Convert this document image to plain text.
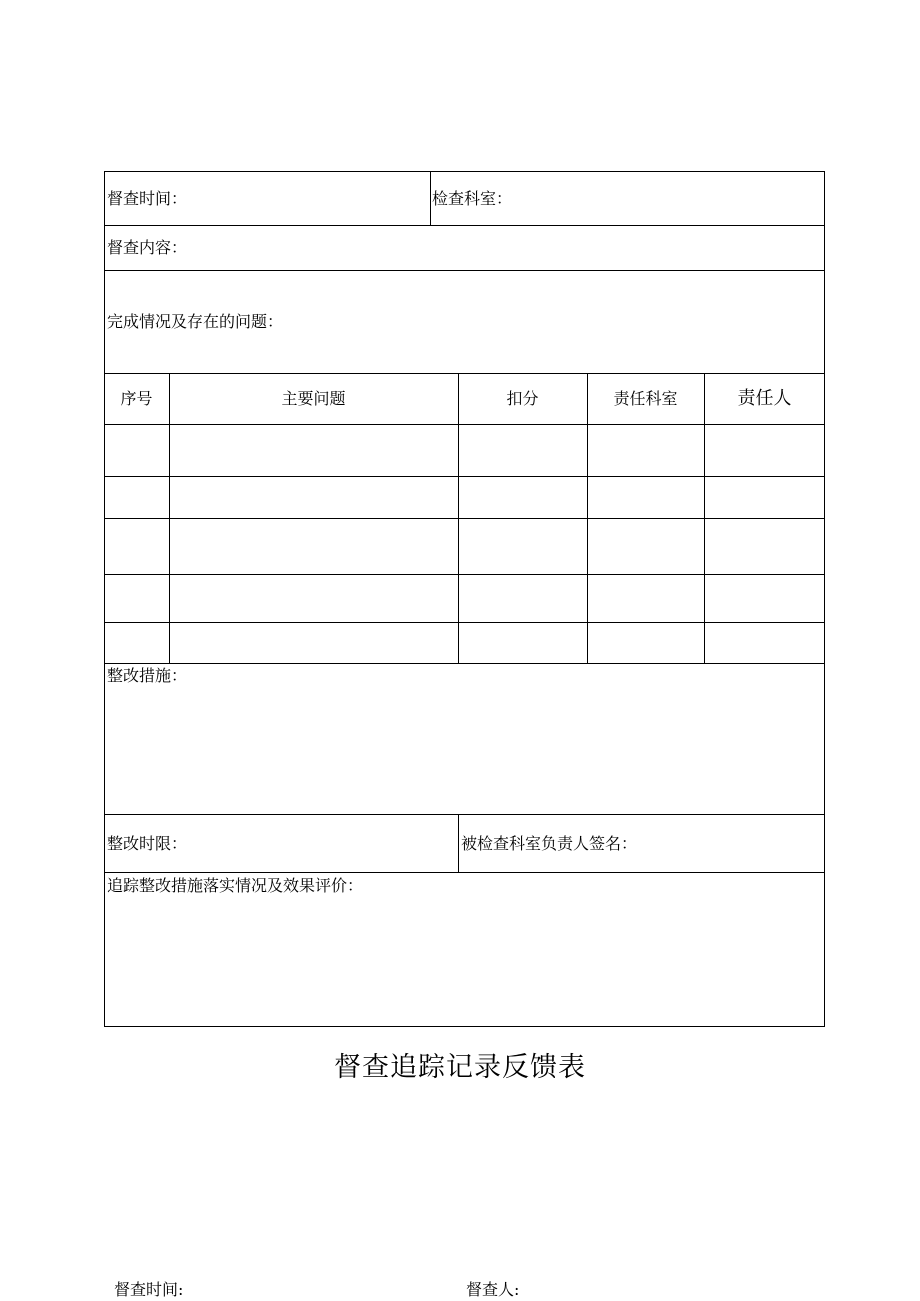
督查时间：	检查科室：
督查内容：
完成情况及存在的问题：
序号	主要问题	扣分	责任科室	责任人
整改措施：
整改时限：	被检查科室负责人签名：
追踪整改措施落实情况及效果评价：
督查追踪记录反馈表
督查时间:	督查人:
